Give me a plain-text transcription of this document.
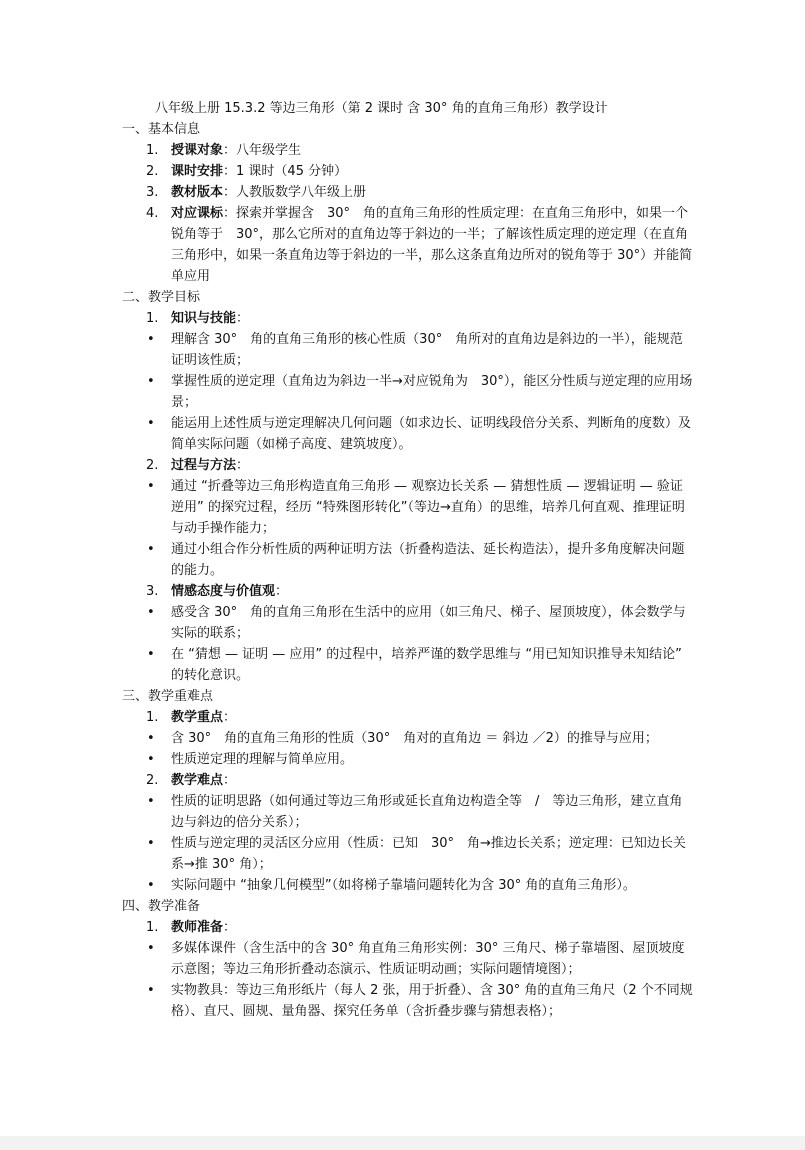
八年级上册 15.3.2 等边三角形（第 2 课时 含 30° 角的直角三角形）教学设计
一、基本信息
1. 授课对象：八年级学生
2. 课时安排：1 课时（45 分钟）
3. 教材版本：人教版数学八年级上册
4. 对应课标：探索并掌握含　30°　角的直角三角形的性质定理：在直角三角形中，如果一个锐角等于　30°，那么它所对的直角边等于斜边的一半；了解该性质定理的逆定理（在直角三角形中，如果一条直角边等于斜边的一半，那么这条直角边所对的锐角等于 30°）并能简单应用
二、教学目标
1. 知识与技能：
• 理解含 30°　角的直角三角形的核心性质（30°　角所对的直角边是斜边的一半），能规范证明该性质；
• 掌握性质的逆定理（直角边为斜边一半→对应锐角为　30°），能区分性质与逆定理的应用场景；
• 能运用上述性质与逆定理解决几何问题（如求边长、证明线段倍分关系、判断角的度数）及简单实际问题（如梯子高度、建筑坡度）。
2. 过程与方法：
• 通过 “折叠等边三角形构造直角三角形 — 观察边长关系 — 猜想性质 — 逻辑证明 — 验证逆用” 的探究过程，经历 “特殊图形转化”（等边→直角）的思维，培养几何直观、推理证明与动手操作能力；
• 通过小组合作分析性质的两种证明方法（折叠构造法、延长构造法），提升多角度解决问题的能力。
3. 情感态度与价值观：
• 感受含 30°　角的直角三角形在生活中的应用（如三角尺、梯子、屋顶坡度），体会数学与实际的联系；
• 在 “猜想 — 证明 — 应用” 的过程中，培养严谨的数学思维与 “用已知知识推导未知结论” 的转化意识。
三、教学重难点
1. 教学重点：
• 含 30°　角的直角三角形的性质（30°　角对的直角边 ＝ 斜边 ／2）的推导与应用；
• 性质逆定理的理解与简单应用。
2. 教学难点：
• 性质的证明思路（如何通过等边三角形或延长直角边构造全等　/　等边三角形，建立直角边与斜边的倍分关系）；
• 性质与逆定理的灵活区分应用（性质：已知　30°　角→推边长关系；逆定理：已知边长关系→推 30° 角）；
• 实际问题中 “抽象几何模型”（如将梯子靠墙问题转化为含 30° 角的直角三角形）。
四、教学准备
1. 教师准备：
• 多媒体课件（含生活中的含 30° 角直角三角形实例：30° 三角尺、梯子靠墙图、屋顶坡度示意图；等边三角形折叠动态演示、性质证明动画；实际问题情境图）；
• 实物教具：等边三角形纸片（每人 2 张，用于折叠）、含 30° 角的直角三角尺（2 个不同规格）、直尺、圆规、量角器、探究任务单（含折叠步骤与猜想表格）；
